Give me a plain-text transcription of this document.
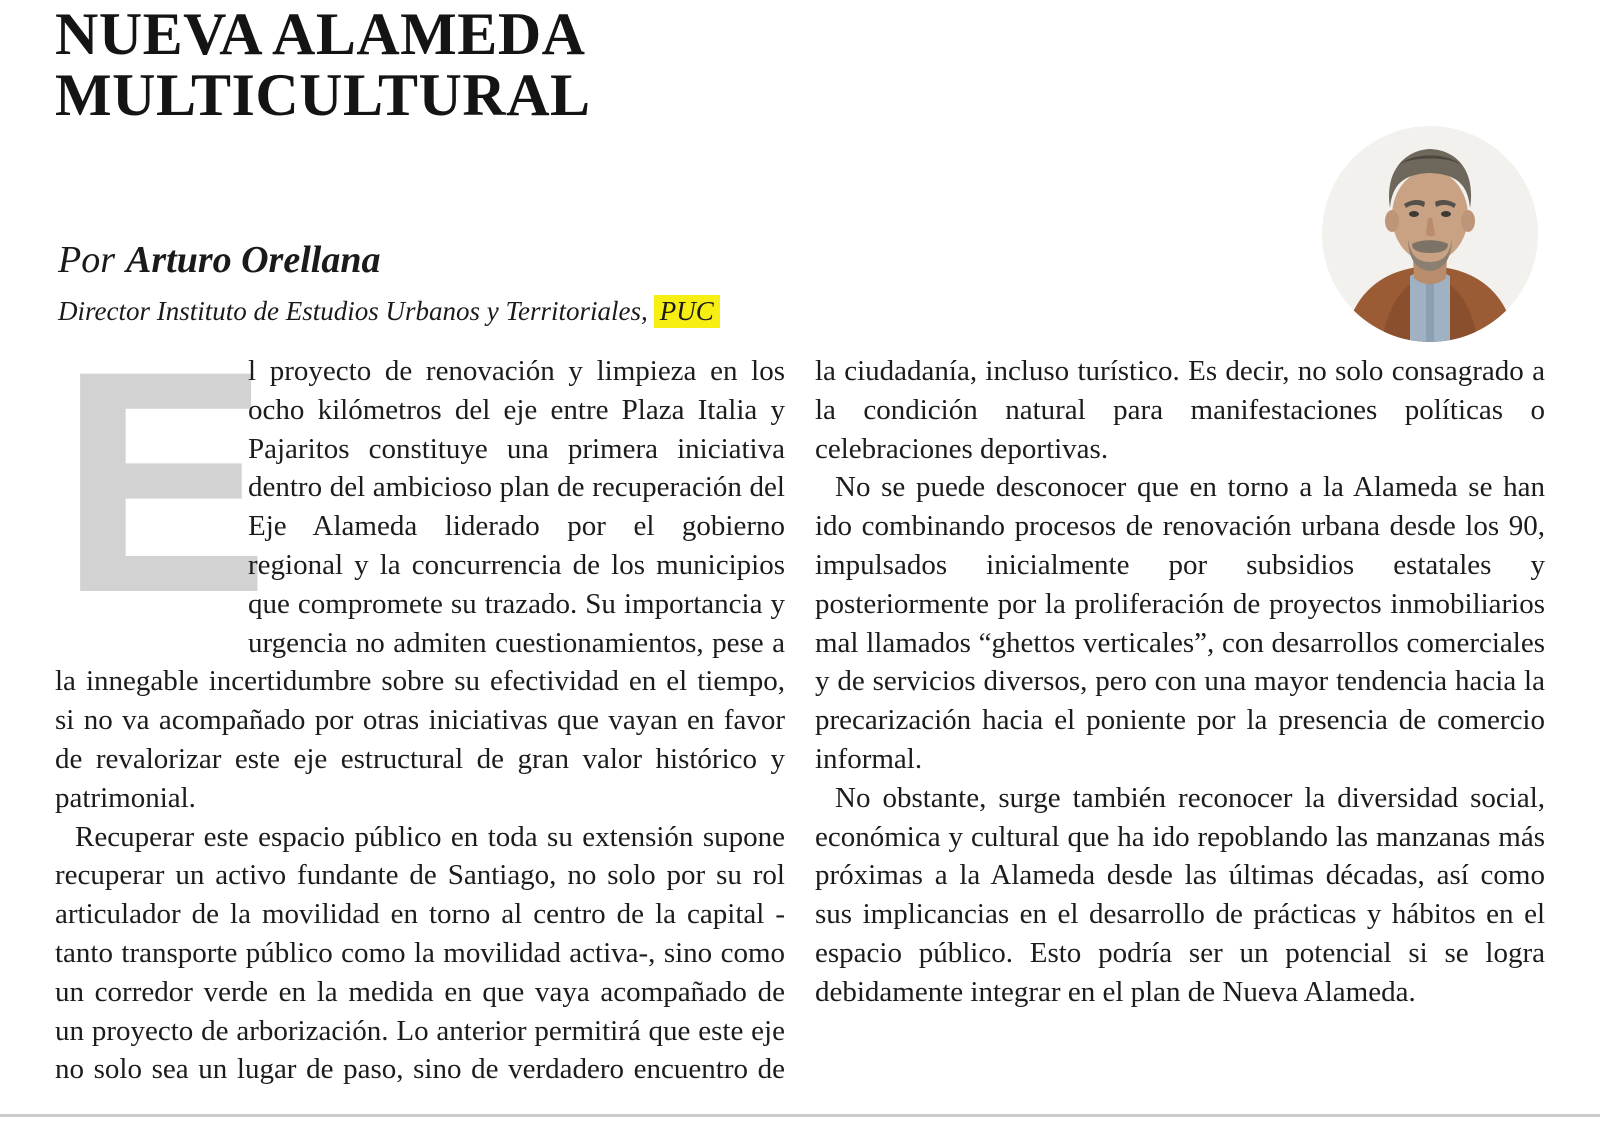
NUEVA ALAMEDA
MULTICULTURAL
Por Arturo Orellana
Director Instituto de Estudios Urbanos y Territoriales, PUC

E
l proyecto de renovación y limpieza en los ocho kilómetros del eje entre Plaza Italia y Pajaritos constituye una primera iniciativa dentro del ambicioso plan de recuperación del Eje Alameda liderado por el gobierno regional y la concurrencia de los municipios que compromete su trazado. Su importancia y urgencia no admiten cuestionamientos, pese a la innegable incertidumbre sobre su efectividad en el tiempo, si no va acompañado por otras iniciativas que vayan en favor de revalorizar este eje estructural de gran valor histórico y patrimonial.

Recuperar este espacio público en toda su extensión supone recuperar un activo fundante de Santiago, no solo por su rol articulador de la movilidad en torno al centro de la capital -tanto transporte público como la movilidad activa-, sino como un corredor verde en la medida en que vaya acompañado de un proyecto de arborización. Lo anterior permitirá que este eje no solo sea un lugar de paso, sino de verdadero encuentro de la ciudadanía, incluso turístico. Es decir, no solo consagrado a la condición natural para manifestaciones políticas o celebraciones deportivas.

No se puede desconocer que en torno a la Alameda se han ido combinando procesos de renovación urbana desde los 90, impulsados inicialmente por subsidios estatales y posteriormente por la proliferación de proyectos inmobiliarios mal llamados “ghettos verticales”, con desarrollos comerciales y de servicios diversos, pero con una mayor tendencia hacia la precarización hacia el poniente por la presencia de comercio informal.

No obstante, surge también reconocer la diversidad social, económica y cultural que ha ido repoblando las manzanas más próximas a la Alameda desde las últimas décadas, así como sus implicancias en el desarrollo de prácticas y hábitos en el espacio público. Esto podría ser un potencial si se logra debidamente integrar en el plan de Nueva Alameda.
